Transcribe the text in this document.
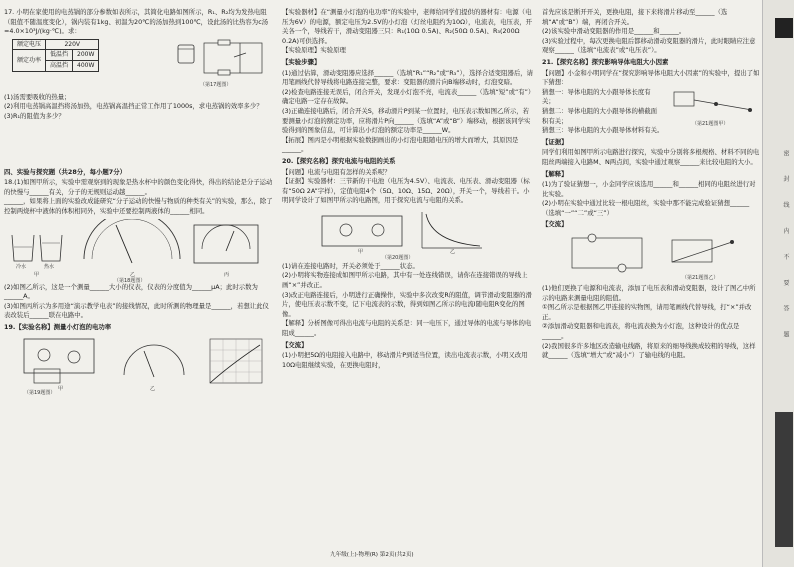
17. 小明在家使用的电蒸锅的部分参数如表所示，其简化电路如图所示，R₁、R₂均为发热电阻（阻值不随温度变化），锅内装有1kg、初温为20℃的汤加热到100℃，设此汤的比热容为c汤=4.0×10³J/(kg·℃)。求：

额定电压	220V	
额定功率	低温挡	200W
	高温挡	400W
（第17题图）

(1)汤需要吸收的热量；

(2)利用电蒸锅高温挡将汤加热，电蒸锅高温挡正常工作用了1000s，求电蒸锅的效率多少？

(3)R₁的阻值为多少？

四、实验与探究题（共28分，每小题7分）

18.(1)如图甲所示，实验中需观察到的现象是热水杯中的颜色变化得快，得出的结论是分子运动的快慢与______有关，分子的无规则运动越______。

______，如果将上面的实验改成能研究“分子运动的快慢与物质的种类有关”的实验，那么，除了控制两烧杯中液体的体积相同外，实验中还要控制两液体的______相同。

冷水	热水
甲	乙	丙
（第18题图）

(2)如图乙所示，这是一个测量______大小的仪表，仪表的分度值为______μA；此时示数为______A。

(3)如图丙所示为多用途“演示教学电表”的接线情况，此时所测的物理量是______，若想让此仪表改装后______联在电路中。

19.【实验名称】测量小灯泡的电功率

甲	乙
（第19题图）

【实验器材】在“测量小灯泡的电功率”的实验中，老师给同学们提供的器材有：电源（电压为6V）的电源，额定电压为2.5V的小灯泡（灯丝电阻约为10Ω），电流表，电压表，开关各一个，导线若干，滑动变阻器三只：R₁(10Ω 0.5A)、R₂(50Ω 0.5A)、R₃(200Ω 0.2A)可供选择。

【实验原理】实验原理

【实验步骤】

(1)通过估算，滑动变阻器应选择______（选填“R₁”“R₂”或“R₃”），选择合适变阻器后，请用笔画线代替导线将电路连接完整，要求：变阻器的滑片向B端移动时，灯泡变暗。

(2)检查电路连接无误后，闭合开关，发现小灯泡不亮，电流表______（选填“短”或“有”）确定电路一定存在故障。

(3)正确连接电路后，闭合开关S，移动滑片P到某一位置时，电压表示数如图乙所示，若要测量小灯泡的额定功率，应将滑片P向______（选填“A”或“B”）端移动，根据该同学实验得到的图象信息，可计算出小灯泡的额定功率是______W。

【拓展】图丙是小明根据实验数据画出的小灯泡电阻随电压的增大而增大，其原因是______。

20.【探究名称】探究电流与电阻的关系

【问题】电流与电阻有怎样的关系呢？

【证据】实验器材：三节新的干电池（电压为4.5V）、电流表、电压表、滑动变阻器（标有“50Ω 2A”字样），定值电阻4个（5Ω、10Ω、15Ω、20Ω），开关一个，导线若干。小明同学设计了如图甲所示的电路图，用于探究电流与电阻的关系。

甲	乙
（第20题图）

(1)请在连接电路时，开关必须处于______状态。

(2)小明将实物连接成如图甲所示电路，其中有一处连线错误，请你在连接错误的导线上画“×”并改正。

(3)改正电路连接后，小明进行正确操作，实验中多次改变R的阻值，调节滑动变阻器的滑片，使电压表示数不变，记下电流表的示数，得到如图乙所示的电流I随电阻R变化的图像。

【解释】分析图像可得出电流与电阻的关系是：同一电压下，通过导体的电流与导体的电阻成______。

【交流】

(1)小明把5Ω的电阻接入电路中，移动滑片P到适当位置，读出电流表示数，小明又改用10Ω电阻继续实验，在更换电阻时，

首先应该是断开开关，更换电阻，接下来将滑片移动至______（选填“A”或“B”）端，再闭合开关。

(2)该实验中滑动变阻器的作用是______和______。

(3)实验过程中，每次更换电阻后都移动滑动变阻器的滑片，此时眼睛应注意观察______（选填“电流表”或“电压表”）。

21.【探究名称】探究影响导体电阻大小因素

【问题】小金和小明同学在“探究影响导体电阻大小因素”的实验中，提出了如下猜想：

猜想一：导体电阻的大小跟导体长度有关；

猜想二：导体电阻的大小跟导体的横截面积有关；	（第21题图甲）

猜想三：导体电阻的大小跟导体材料有关。

【证据】

同学们利用如图甲所示电路进行探究，实验中分别将多根规格、材料不同的电阻丝两端接入电路M、N两点间，实验中通过观察______来比较电阻的大小。

【解释】

(1)为了验证猜想一，小金同学应该选用______和______相同的电阻丝进行对比实验。

(2)小明在实验中通过比较一根电阻丝，实验中那不能完成验证猜想______（选填“一”“二”或“三”）

【交流】

（第21题图乙）

(1)他们更换了电源和电流表，添加了电压表和滑动变阻器，设计了图乙中所示的电路来测量电阻的阻值。

①图乙所示是根据图乙甲连接的实物图，请用笔画线代替导线，打“×”并改正。

②添加滑动变阻器和电流表，将电流表换为小灯泡，这种设计的优点是______。

(2)我国很多许多地区改造输电线路，将原来的细导线换成较粗的导线，这样就______（选填“增大”或“减小”）了输电线的电阻。

九年级(上)·物理(R) 第2页(共2页)
密 封 线 内 不 要 答 题
